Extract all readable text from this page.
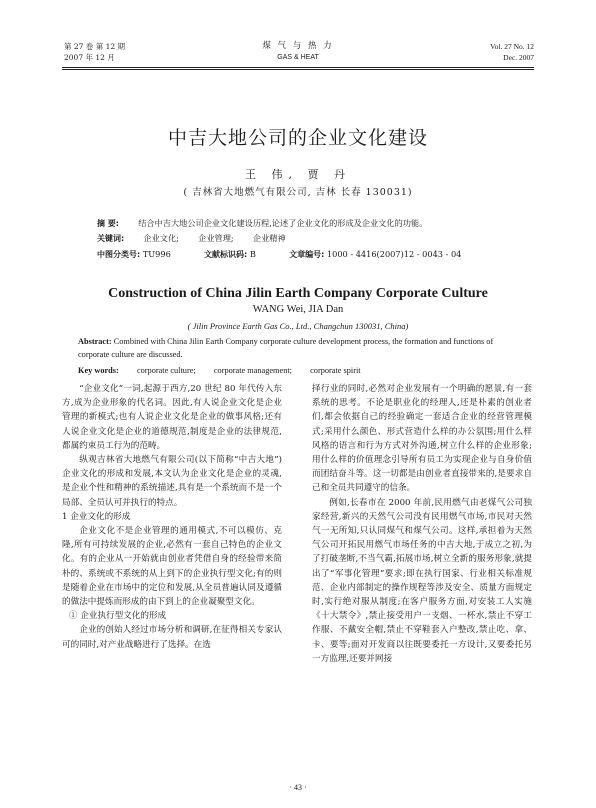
第 27 卷 第 12 期
2007 年 12 月
煤 气 与 热 力
GAS & HEAT
Vol. 27 No. 12
Dec. 2007
中吉大地公司的企业文化建设
王 伟, 贾 丹
( 吉林省大地燃气有限公司, 吉林 长春 130031)
摘 要: 结合中吉大地公司企业文化建设历程,论述了企业文化的形成及企业文化的功能。
关键词: 企业文化; 企业管理; 企业精神
中图分类号: TU996	文献标识码: B	文章编号: 1000 - 4416(2007)12 - 0043 - 04
Construction of China Jilin Earth Company Corporate Culture
WANG Wei, JIA Dan
( Jilin Province Earth Gas Co., Ltd., Changchun 130031, China)
Abstract: Combined with China Jilin Earth Company corporate culture development process, the formation and functions of corporate culture are discussed.
Key words: corporate culture; corporate management; corporate spirit

“企业文化”一词,起源于西方,20 世纪 80 年代传入东方,成为企业形象的代名词。因此,有人说企业文化是企业管理的新模式;也有人说企业文化是企业的做事风格;还有人说企业文化是企业的道德规范,制度是企业的法律规范,都属约束员工行为的范畴。

纵观吉林省大地燃气有限公司(以下简称“中吉大地”)企业文化的形成和发展,本文认为企业文化是企业的灵魂,是企业个性和精神的系统描述,具有是一个系统而不是一个局部、全员认可并执行的特点。

1 企业文化的形成

企业文化不是企业管理的通用模式,不可以模仿、克隆,所有可持续发展的企业,必然有一套自己特色的企业文化。有的企业从一开始就由创业者凭借自身的经验带来简朴的、系统或不系统的从上到下的企业执行型文化;有的则是随着企业在市场中的定位和发展,从全员普遍认同及遵循的做法中提炼而形成的由下到上的企业凝聚型文化。

① 企业执行型文化的形成

企业的创始人经过市场分析和调研,在征得相关专家认可的同时,对产业战略进行了选择。在选

择行业的同时,必然对企业发展有一个明确的愿景,有一套系统的思考。不论是职业化的经理人,还是朴素的创业者们,都会依据自己的经验确定一套适合企业的经营管理模式;采用什么颜色、形式营造什么样的办公氛围;用什么样风格的语言和行为方式对外沟通,树立什么样的企业形象;用什么样的价值理念引导所有员工为实现企业与自身价值而团结奋斗等。这一切都是由创业者直接带来的,是要求自己和全员共同遵守的信条。

例如,长春市在 2000 年前,民用燃气由老煤气公司独家经营,新兴的天然气公司没有民用燃气市场,市民对天然气一无所知,只认同煤气和煤气公司。这样,承担着为天然气公司开拓民用燃气市场任务的中吉大地,于成立之初,为了打破垄断,不当气霸,拓展市场,树立全新的服务形象,就提出了“军事化管理”要求;即在执行国家、行业相关标准规范、企业内部制定的操作规程等涉及安全、质量方面规定时,实行绝对服从制度;在客户服务方面,对安装工人实施《十大禁令》,禁止接受用户一支烟、一杯水,禁止不穿工作服、不戴安全帽,禁止不穿鞋套入户整改,禁止吃、拿、卡、要等;面对开发商以往既要委托一方设计,又要委托另一方监理,还要并网接

· 43 ·
